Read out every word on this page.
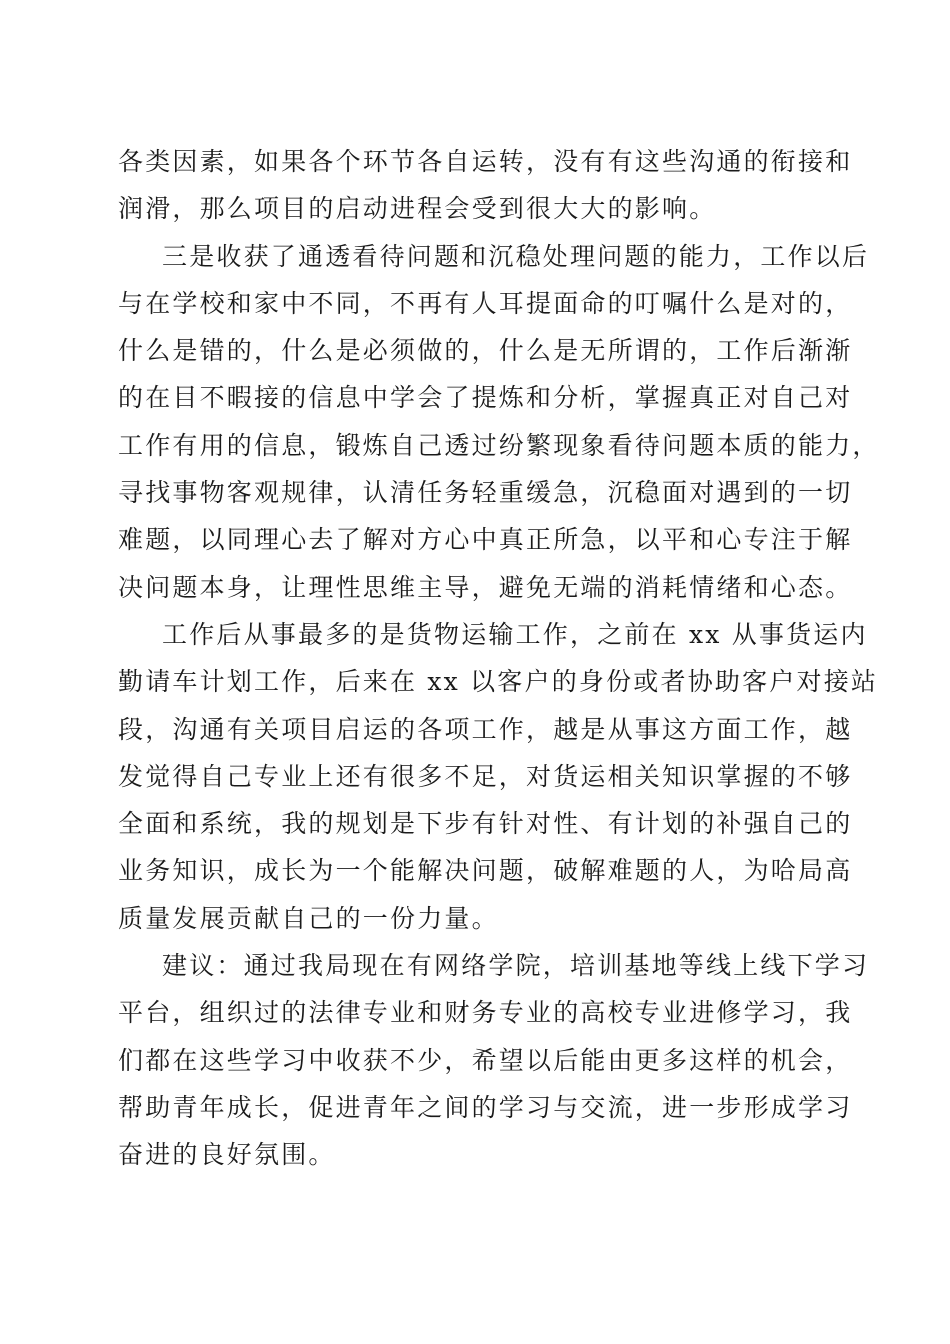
各类因素，如果各个环节各自运转，没有有这些沟通的衔接和
润滑，那么项目的启动进程会受到很大大的影响。
三是收获了通透看待问题和沉稳处理问题的能力，工作以后
与在学校和家中不同，不再有人耳提面命的叮嘱什么是对的，
什么是错的，什么是必须做的，什么是无所谓的，工作后渐渐
的在目不暇接的信息中学会了提炼和分析，掌握真正对自己对
工作有用的信息，锻炼自己透过纷繁现象看待问题本质的能力，
寻找事物客观规律，认清任务轻重缓急，沉稳面对遇到的一切
难题，以同理心去了解对方心中真正所急，以平和心专注于解
决问题本身，让理性思维主导，避免无端的消耗情绪和心态。
工作后从事最多的是货物运输工作，之前在 xx 从事货运内
勤请车计划工作，后来在 xx 以客户的身份或者协助客户对接站
段，沟通有关项目启运的各项工作，越是从事这方面工作，越
发觉得自己专业上还有很多不足，对货运相关知识掌握的不够
全面和系统，我的规划是下步有针对性、有计划的补强自己的
业务知识，成长为一个能解决问题，破解难题的人，为哈局高
质量发展贡献自己的一份力量。
建议：通过我局现在有网络学院，培训基地等线上线下学习
平台，组织过的法律专业和财务专业的高校专业进修学习，我
们都在这些学习中收获不少，希望以后能由更多这样的机会，
帮助青年成长，促进青年之间的学习与交流，进一步形成学习
奋进的良好氛围。
